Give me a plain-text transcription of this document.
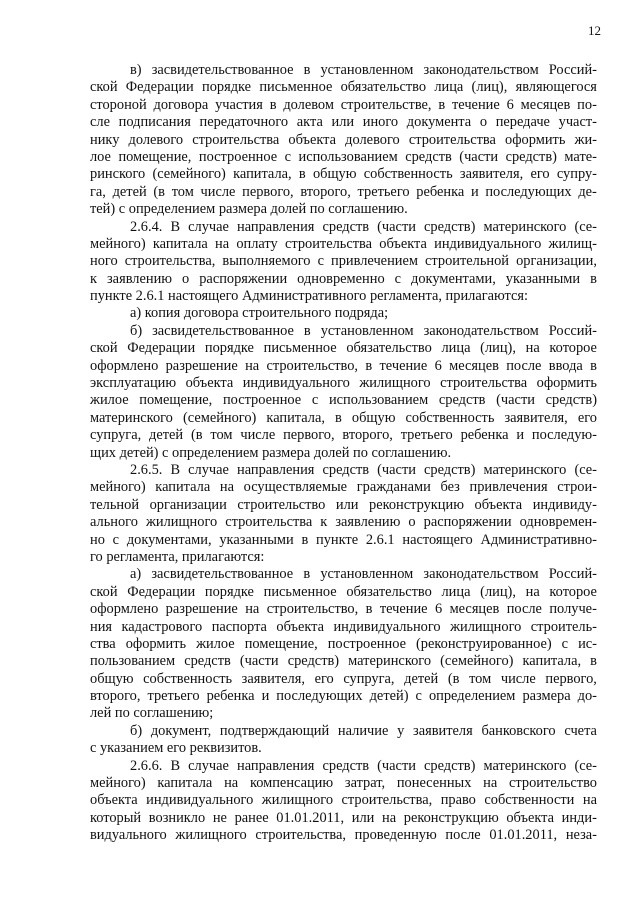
12
в) засвидетельствованное в установленном законодательством Россий-
ской Федерации порядке письменное обязательство лица (лиц), являющегося
стороной договора участия в долевом строительстве, в течение 6 месяцев по-
сле подписания передаточного акта или иного документа о передаче участ-
нику долевого строительства объекта долевого строительства оформить жи-
лое помещение, построенное с использованием средств (части средств) мате-
ринского (семейного) капитала, в общую собственность заявителя, его супру-
га, детей (в том числе первого, второго, третьего ребенка и последующих де-
тей) с определением размера долей по соглашению.
2.6.4. В случае направления средств (части средств) материнского (се-
мейного) капитала на оплату строительства объекта индивидуального жилищ-
ного строительства, выполняемого с привлечением строительной организации,
к заявлению о распоряжении одновременно с документами, указанными в
пункте 2.6.1 настоящего Административного регламента, прилагаются:
а) копия договора строительного подряда;
б) засвидетельствованное в установленном законодательством Россий-
ской Федерации порядке письменное обязательство лица (лиц), на которое
оформлено разрешение на строительство, в течение 6 месяцев после ввода в
эксплуатацию объекта индивидуального жилищного строительства оформить
жилое помещение, построенное с использованием средств (части средств)
материнского (семейного) капитала, в общую собственность заявителя, его
супруга, детей (в том числе первого, второго, третьего ребенка и последую-
щих детей) с определением размера долей по соглашению.
2.6.5. В случае направления средств (части средств) материнского (се-
мейного) капитала на осуществляемые гражданами без привлечения строи-
тельной организации строительство или реконструкцию объекта индивиду-
ального жилищного строительства к заявлению о распоряжении одновремен-
но с документами, указанными в пункте 2.6.1 настоящего Административно-
го регламента, прилагаются:
а) засвидетельствованное в установленном законодательством Россий-
ской Федерации порядке письменное обязательство лица (лиц), на которое
оформлено разрешение на строительство, в течение 6 месяцев после получе-
ния кадастрового паспорта объекта индивидуального жилищного строитель-
ства оформить жилое помещение, построенное (реконструированное) с ис-
пользованием средств (части средств) материнского (семейного) капитала, в
общую собственность заявителя, его супруга, детей (в том числе первого,
второго, третьего ребенка и последующих детей) с определением размера до-
лей по соглашению;
б) документ, подтверждающий наличие у заявителя банковского счета
с указанием его реквизитов.
2.6.6. В случае направления средств (части средств) материнского (се-
мейного) капитала на компенсацию затрат, понесенных на строительство
объекта индивидуального жилищного строительства, право собственности на
который возникло не ранее 01.01.2011, или на реконструкцию объекта инди-
видуального жилищного строительства, проведенную после 01.01.2011, неза-
